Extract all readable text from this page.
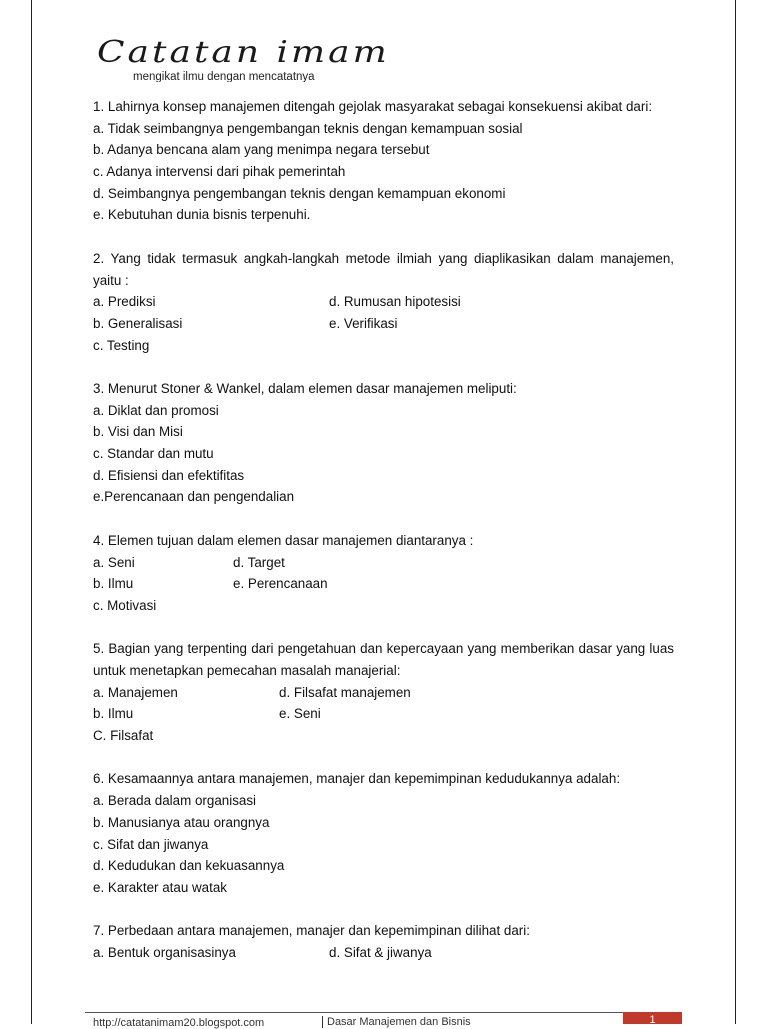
Catatan imam
mengikat ilmu dengan mencatatnya
1. Lahirnya konsep manajemen ditengah gejolak masyarakat sebagai konsekuensi akibat dari:
a. Tidak seimbangnya pengembangan teknis dengan kemampuan sosial
b. Adanya bencana alam yang menimpa negara tersebut
c. Adanya intervensi dari pihak pemerintah
d. Seimbangnya pengembangan teknis dengan kemampuan ekonomi
e. Kebutuhan dunia bisnis terpenuhi.
2. Yang tidak termasuk angkah-langkah metode ilmiah yang diaplikasikan dalam manajemen, yaitu :
a. Prediksi	d. Rumusan hipotesisi
b. Generalisasi	e. Verifikasi
c. Testing
3. Menurut Stoner & Wankel, dalam elemen dasar manajemen meliputi:
a. Diklat dan promosi
b. Visi dan Misi
c. Standar dan mutu
d. Efisiensi dan efektifitas
e.Perencanaan dan pengendalian
4. Elemen tujuan dalam elemen dasar manajemen diantaranya :
a. Seni	d. Target
b. Ilmu	e. Perencanaan
c. Motivasi
5. Bagian yang terpenting dari pengetahuan dan kepercayaan yang memberikan dasar yang luas untuk menetapkan pemecahan masalah manajerial:
a. Manajemen	d. Filsafat manajemen
b. Ilmu	e. Seni
C. Filsafat
6. Kesamaannya antara manajemen, manajer dan kepemimpinan kedudukannya adalah:
a. Berada dalam organisasi
b. Manusianya atau orangnya
c. Sifat dan jiwanya
d. Kedudukan dan kekuasannya
e. Karakter atau watak
7. Perbedaan antara manajemen, manajer dan kepemimpinan dilihat dari:
a. Bentuk organisasinya	d. Sifat & jiwanya
http://catatanimam20.blogspot.com	Dasar Manajemen dan Bisnis	1
